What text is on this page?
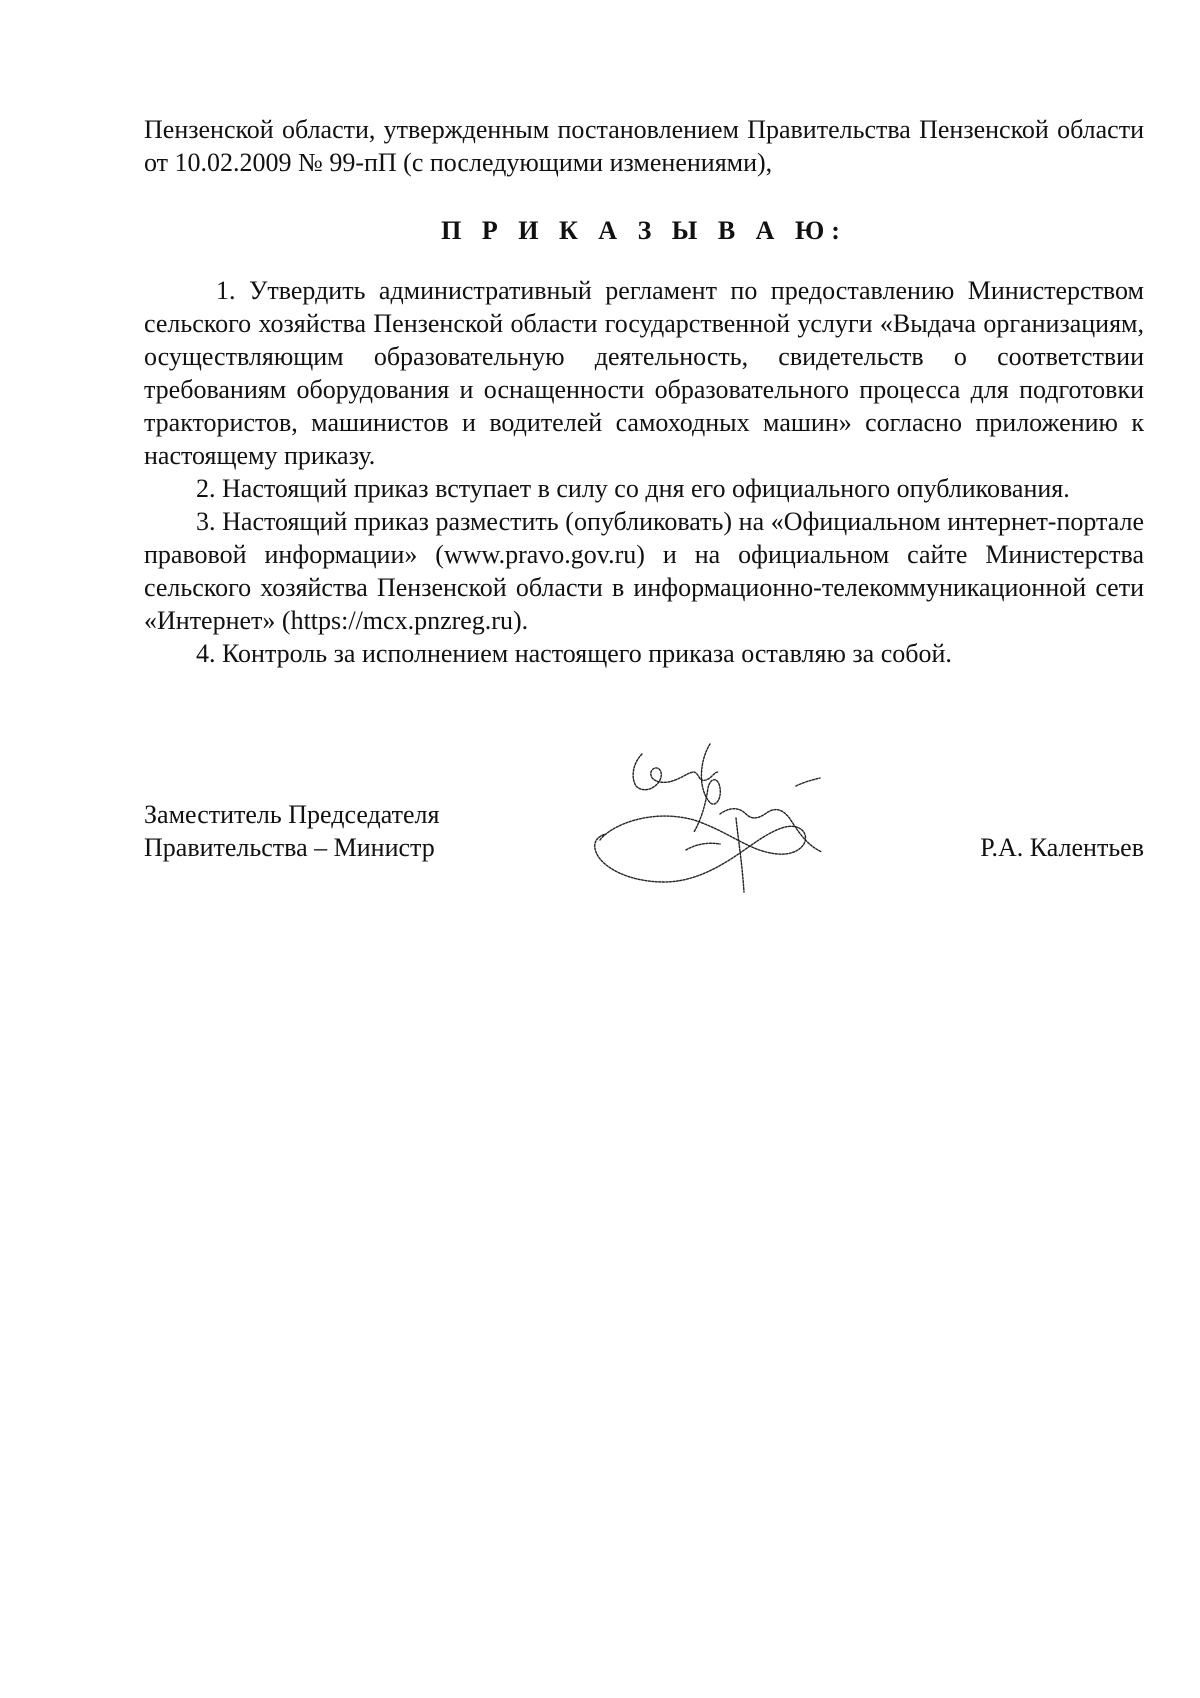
Пензенской области, утвержденным постановлением Правительства Пензенской области от 10.02.2009 № 99-пП (с последующими изменениями),
П Р И К А З Ы В А Ю:

1. Утвердить административный регламент по предоставлению Министерством сельского хозяйства Пензенской области государственной услуги «Выдача организациям, осуществляющим образовательную деятельность, свидетельств о соответствии требованиям оборудования и оснащенности образовательного процесса для подготовки трактористов, машинистов и водителей самоходных машин» согласно приложению к настоящему приказу.

2. Настоящий приказ вступает в силу со дня его официального опубликования.

3. Настоящий приказ разместить (опубликовать) на «Официальном интернет-портале правовой информации» (www.pravo.gov.ru) и на официальном сайте Министерства сельского хозяйства Пензенской области в информационно-телекоммуникационной сети «Интернет» (https://mcx.pnzreg.ru).

4. Контроль за исполнением настоящего приказа оставляю за собой.

Заместитель Председателя
Правительства – Министр	Р.А. Калентьев
